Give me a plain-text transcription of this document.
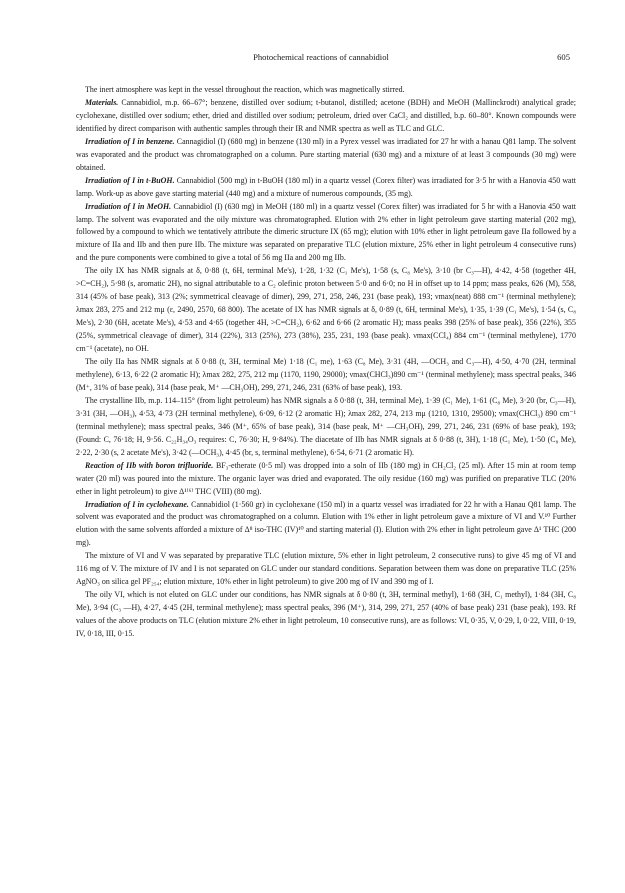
Photochemical reactions of cannabidiol	605

The inert atmosphere was kept in the vessel throughout the reaction, which was magnetically stirred.

Materials. Cannabidiol, m.p. 66–67°; benzene, distilled over sodium; t-butanol, distilled; acetone (BDH) and MeOH (Mallinckrodt) analytical grade; cyclohexane, distilled over sodium; ether, dried and distilled over sodium; petroleum, dried over CaCl₂ and distilled, b.p. 60–80°. Known compounds were identified by direct comparison with authentic samples through their IR and NMR spectra as well as TLC and GLC.

Irradiation of I in benzene. Cannagidiol (I) (680 mg) in benzene (130 ml) in a Pyrex vessel was irradiated for 27 hr with a hanau Q81 lamp. The solvent was evaporated and the product was chromatographed on a column. Pure starting material (630 mg) and a mixture of at least 3 compounds (30 mg) were obtained.

Irradiation of I in t-BuOH. Cannabidiol (500 mg) in t-BuOH (180 ml) in a quartz vessel (Corex filter) was irradiated for 3·5 hr with a Hanovia 450 watt lamp. Work-up as above gave starting material (440 mg) and a mixture of numerous compounds, (35 mg).

Irradiation of I in MeOH. Cannabidiol (I) (630 mg) in MeOH (180 ml) in a quartz vessel (Corex filter) was irradiated for 5 hr with a Hanovia 450 watt lamp. The solvent was evaporated and the oily mixture was chromatographed. Elution with 2% ether in light petroleum gave starting material (202 mg), followed by a compound to which we tentatively attribute the dimeric structure IX (65 mg); elution with 10% ether in light petroleum gave IIa followed by a mixture of IIa and IIb and then pure IIb. The mixture was separated on preparative TLC (elution mixture, 25% ether in light petroleum 4 consecutive runs) and the pure components were combined to give a total of 56 mg IIa and 200 mg IIb.

The oily IX has NMR signals at δ, 0·88 (t, 6H, terminal Me's), 1·28, 1·32 (C₁ Me's), 1·58 (s, C₈ Me's), 3·10 (br C₃—H), 4·42, 4·58 (together 4H, >C=CH₂), 5·98 (s, aromatic 2H), no signal attributable to a C₂ olefinic proton between 5·0 and 6·0; no H in offset up to 14 ppm; mass peaks, 626 (M), 558, 314 (45% of base peak), 313 (2%; symmetrical cleavage of dimer), 299, 271, 258, 246, 231 (base peak), 193; νmax(neat) 888 cm⁻¹ (terminal methylene); λmax 283, 275 and 212 mμ (ε, 2490, 2570, 68 800). The acetate of IX has NMR signals at δ, 0·89 (t, 6H, terminal Me's), 1·35, 1·39 (C₁ Me's), 1·54 (s, C₈ Me's), 2·30 (6H, acetate Me's), 4·53 and 4·65 (together 4H, >C=CH₂), 6·62 and 6·66 (2 aromatic H); mass peaks 398 (25% of base peak), 356 (22%), 355 (25%, symmetrical cleavage of dimer), 314 (22%), 313 (25%), 273 (38%), 235, 231, 193 (base peak). νmax(CCl₄) 884 cm⁻¹ (terminal methylene), 1770 cm⁻¹ (acetate), no OH.

The oily IIa has NMR signals at δ 0·88 (t, 3H, terminal Me) 1·18 (C₁ me), 1·63 (C₈ Me), 3·31 (4H, —OCH₃ and C₃—H), 4·50, 4·70 (2H, terminal methylene), 6·13, 6·22 (2 aromatic H); λmax 282, 275, 212 mμ (1170, 1190, 29000); νmax(CHCl₃)890 cm⁻¹ (terminal methylene); mass spectral peaks, 346 (M⁺, 31% of base peak), 314 (base peak, M⁺ —CH₃OH), 299, 271, 246, 231 (63% of base peak), 193.

The crystalline IIb, m.p. 114–115° (from light petroleum) has NMR signals a δ 0·88 (t, 3H, terminal Me), 1·39 (C₁ Me), 1·61 (C₈ Me), 3·20 (br, C₃—H), 3·31 (3H, —OH₃), 4·53, 4·73 (2H terminal methylene), 6·09, 6·12 (2 aromatic H); λmax 282, 274, 213 mμ (1210, 1310, 29500); νmax(CHCl₃) 890 cm⁻¹ (terminal methylene); mass spectral peaks, 346 (M⁺, 65% of base peak), 314 (base peak, M⁺ —CH₃OH), 299, 271, 246, 231 (69% of base peak), 193; (Found: C, 76·18; H, 9·56. C₂₂H₃₄O₃ requires: C, 76·30; H, 9·84%). The diacetate of IIb has NMR signals at δ 0·88 (t, 3H), 1·18 (C₁ Me), 1·50 (C₈ Me), 2·22, 2·30 (s, 2 acetate Me's), 3·42 (—OCH₃), 4·45 (br, s, terminal methylene), 6·54, 6·71 (2 aromatic H).

Reaction of IIb with boron trifluoride. BF₃-etherate (0·5 ml) was dropped into a soln of IIb (180 mg) in CH₂Cl₂ (25 ml). After 15 min at room temp water (20 ml) was poured into the mixture. The organic layer was dried and evaporated. The oily residue (160 mg) was purified on preparative TLC (20% ether in light petroleum) to give Δ¹⁽⁶⁾ THC (VIII) (80 mg).

Irradiation of I in cyclohexane. Cannabidiol (1·560 gr) in cyclohexane (150 ml) in a quartz vessel was irradiated for 22 hr with a Hanau Q81 lamp. The solvent was evaporated and the product was chromatographed on a column. Elution with 1% ether in light petroleum gave a mixture of VI and V.¹⁰ Further elution with the same solvents afforded a mixture of Δ⁸ iso-THC (IV)¹⁰ and starting material (I). Elution with 2% ether in light petroleum gave Δ¹ THC (200 mg).

The mixture of VI and V was separated by preparative TLC (elution mixture, 5% ether in light petroleum, 2 consecutive runs) to give 45 mg of VI and 116 mg of V. The mixture of IV and I is not separated on GLC under our standard conditions. Separation between them was done on preparative TLC (25% AgNO₃ on silica gel PF₂₅₄; elution mixture, 10% ether in light petroleum) to give 200 mg of IV and 390 mg of I.

The oily VI, which is not eluted on GLC under our conditions, has NMR signals at δ 0·80 (t, 3H, terminal methyl), 1·68 (3H, C₁ methyl), 1·84 (3H, C₈ Me), 3·94 (C₃ —H), 4·27, 4·45 (2H, terminal methylene); mass spectral peaks, 396 (M⁺), 314, 299, 271, 257 (40% of base peak) 231 (base peak), 193. Rf values of the above products on TLC (elution mixture 2% ether in light petroleum, 10 consecutive runs), are as follows: VI, 0·35, V, 0·29, I, 0·22, VIII, 0·19, IV, 0·18, III, 0·15.
